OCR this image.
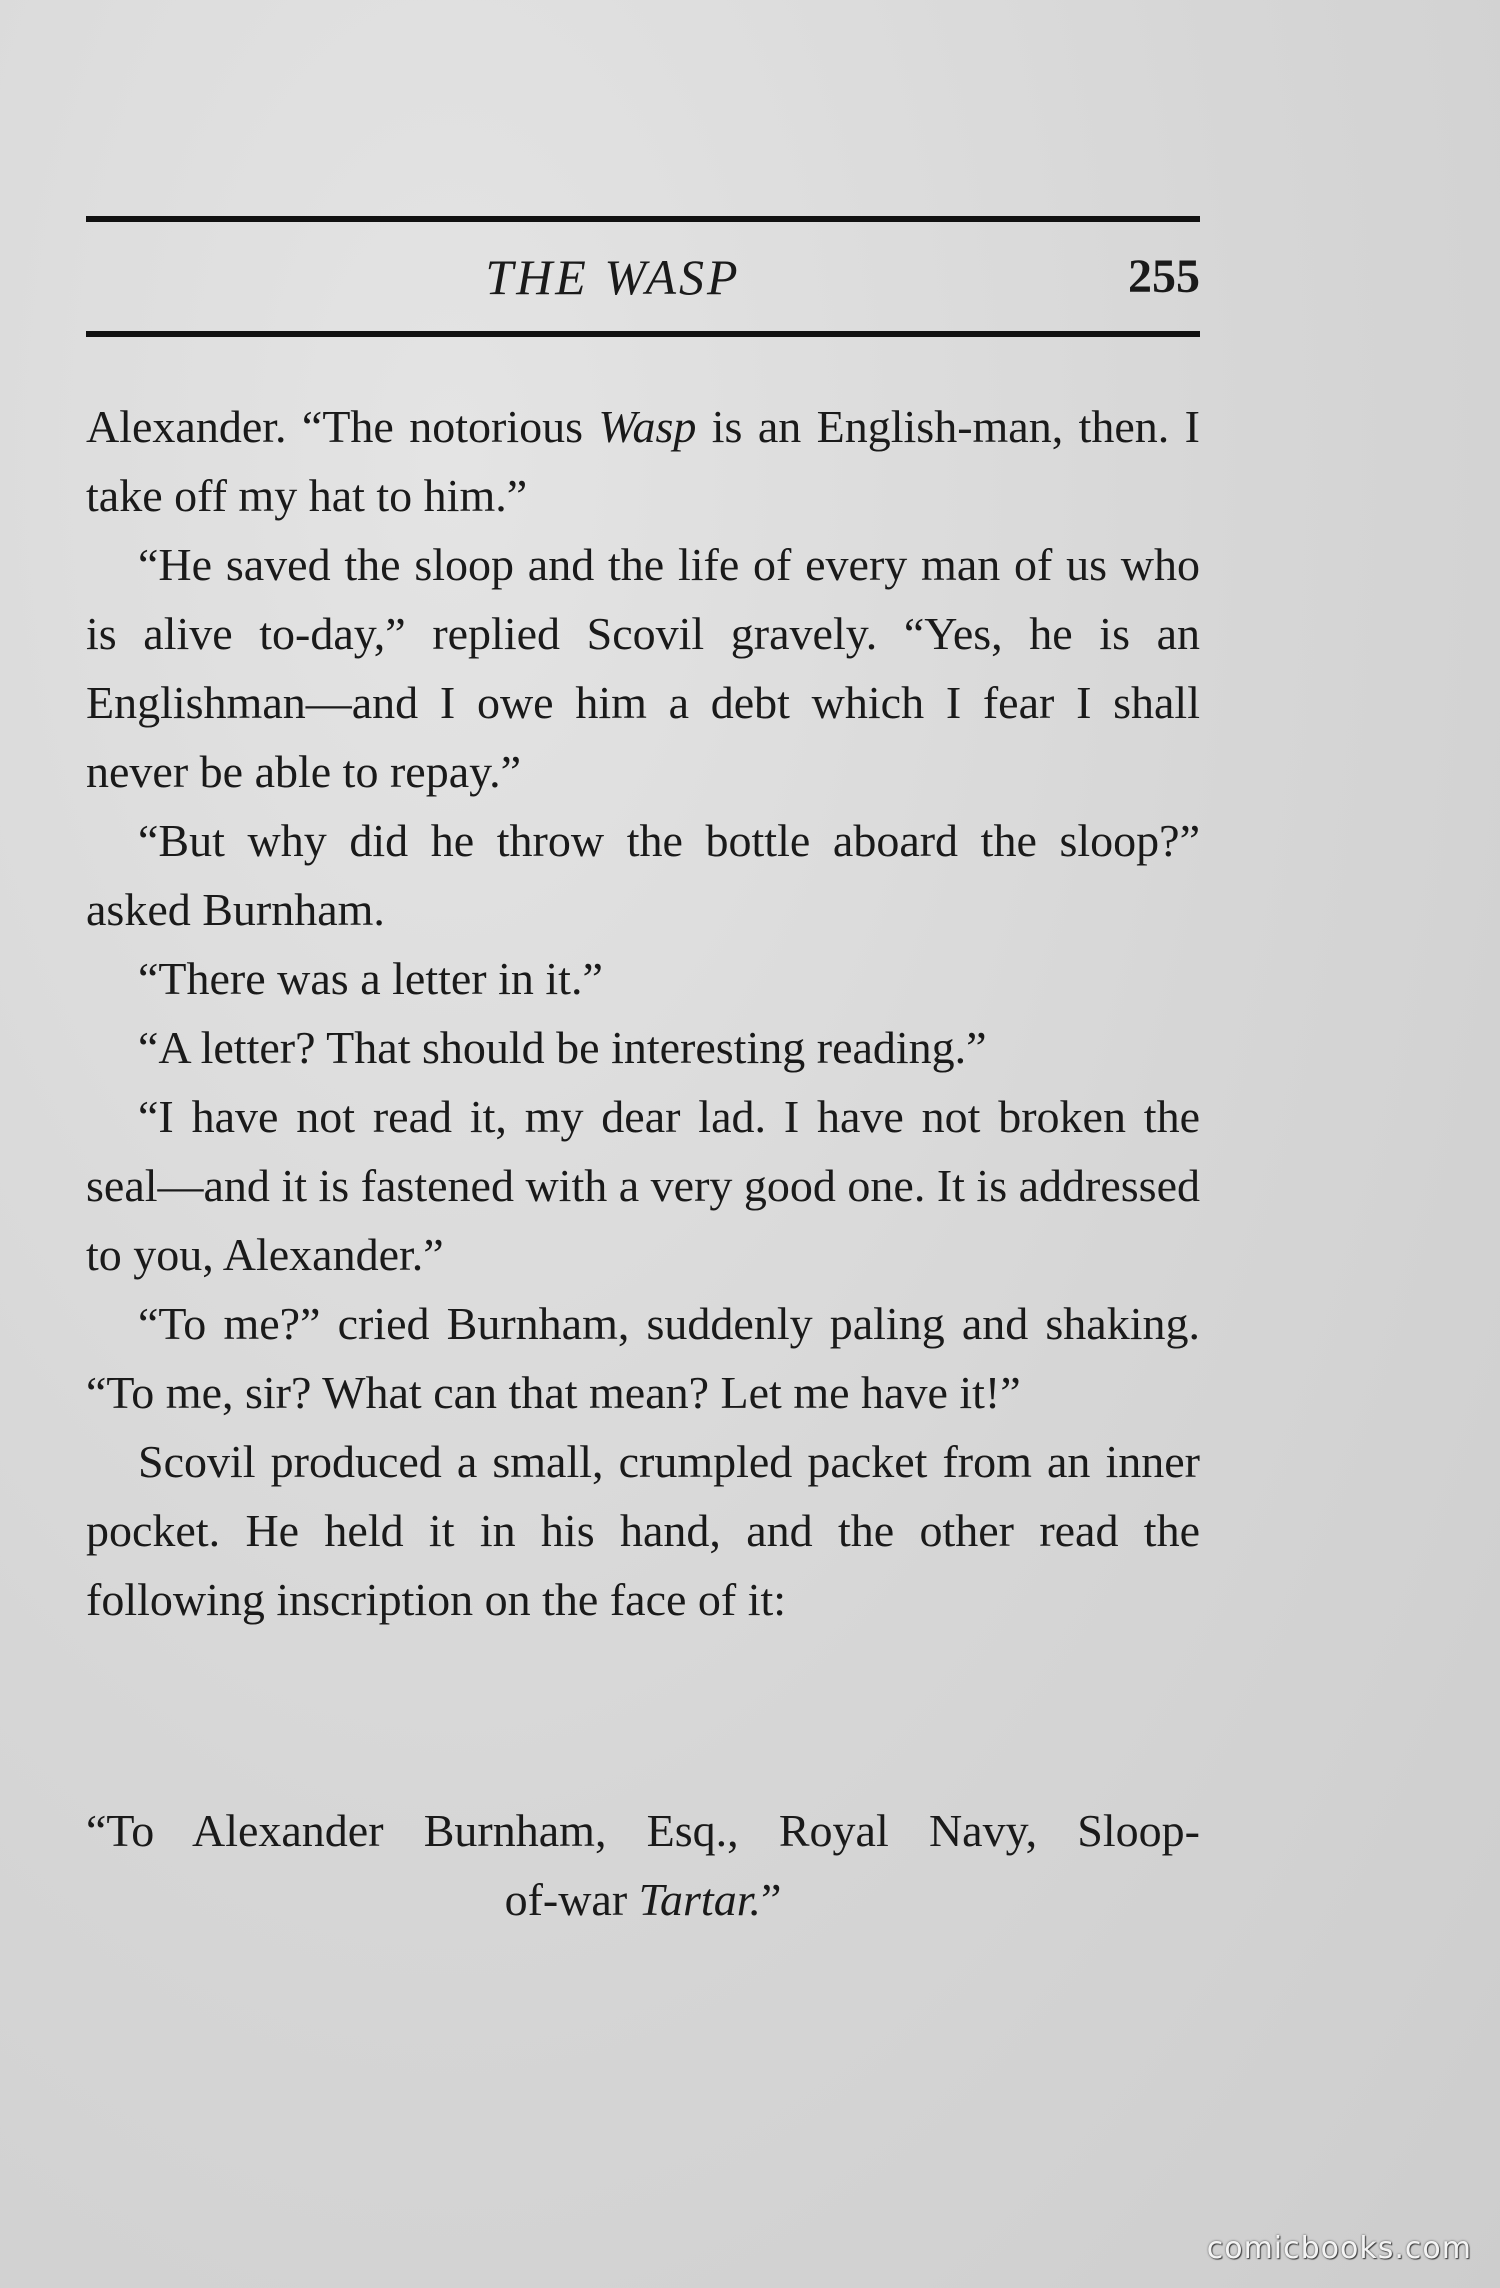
THE WASP	255

Alexander. “The notorious Wasp is an English-man, then. I take off my hat to him.”

“He saved the sloop and the life of every man of us who is alive to-day,” replied Scovil gravely. “Yes, he is an Englishman—and I owe him a debt which I fear I shall never be able to repay.”

“But why did he throw the bottle aboard the sloop?” asked Burnham.

“There was a letter in it.”

“A letter? That should be interesting reading.”

“I have not read it, my dear lad. I have not broken the seal—and it is fastened with a very good one. It is addressed to you, Alexander.”

“To me?” cried Burnham, suddenly paling and shaking. “To me, sir? What can that mean? Let me have it!”

Scovil produced a small, crumpled packet from an inner pocket. He held it in his hand, and the other read the following inscription on the face of it:

“To Alexander Burnham, Esq., Royal Navy, Sloop-
of-war Tartar.”
comicbooks.com
